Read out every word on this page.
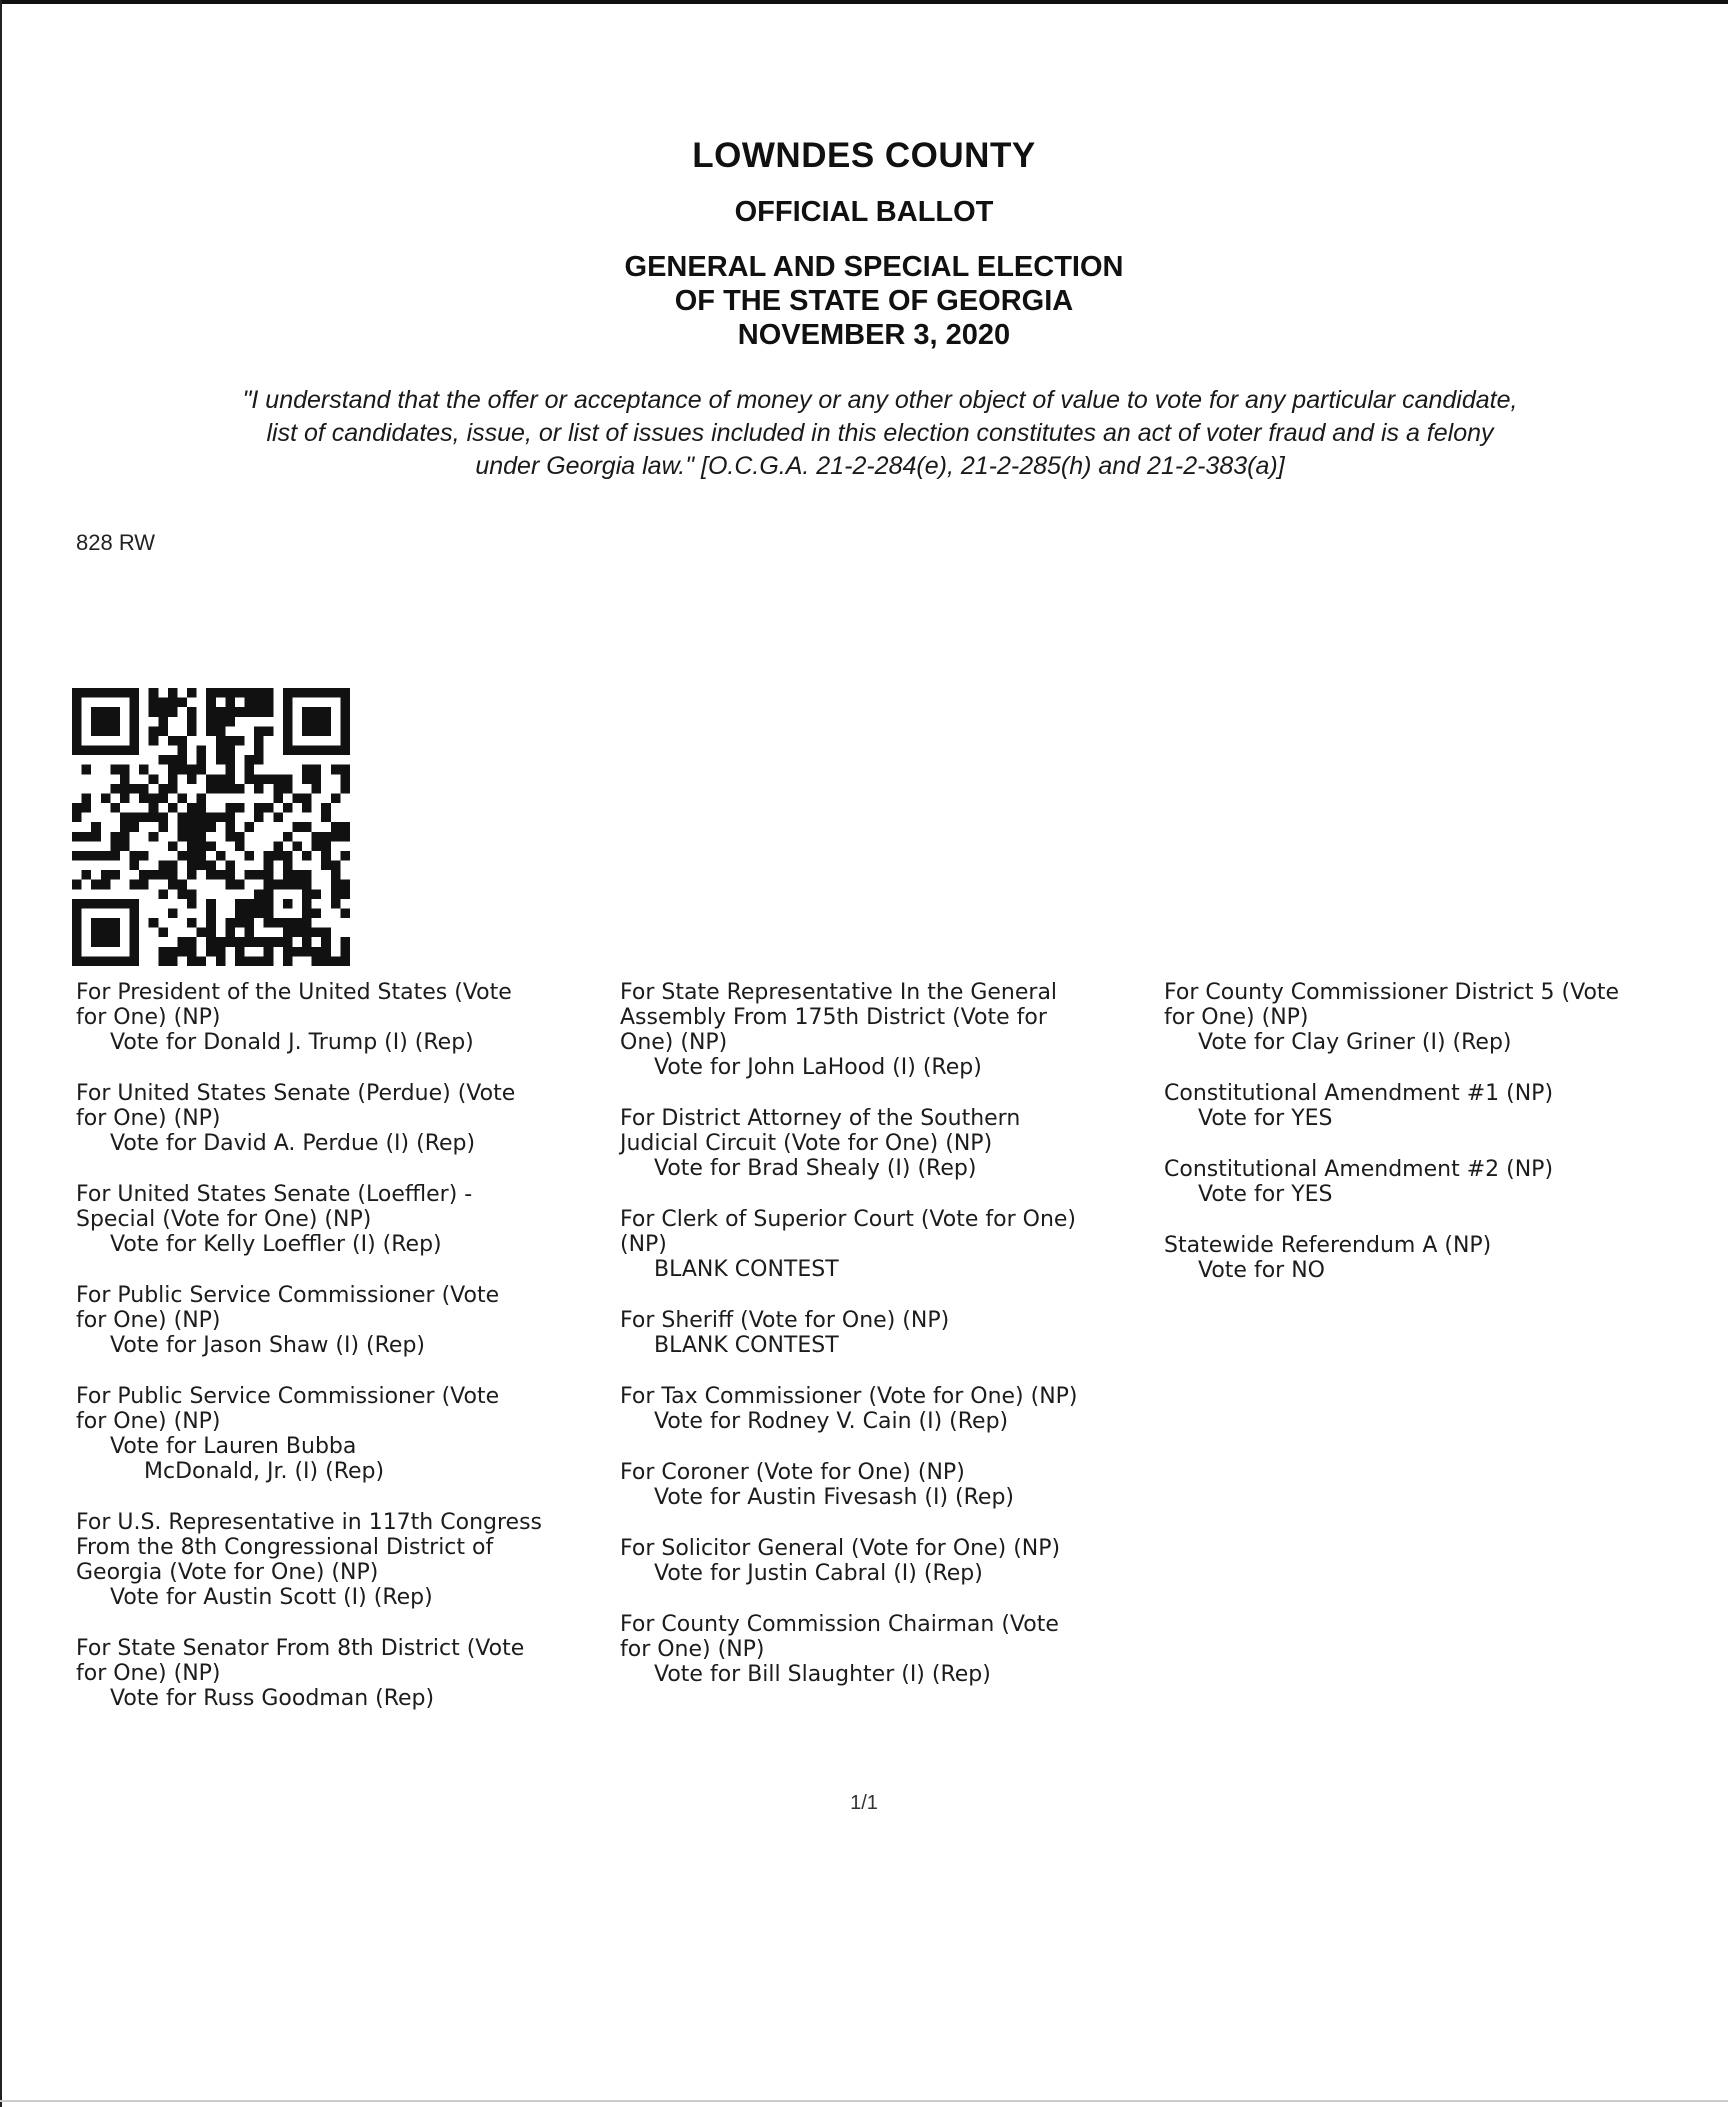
LOWNDES COUNTY
OFFICIAL BALLOT
GENERAL AND SPECIAL ELECTION
OF THE STATE OF GEORGIA
NOVEMBER 3, 2020
"I understand that the offer or acceptance of money or any other object of value to vote for any particular candidate,
list of candidates, issue, or list of issues included in this election constitutes an act of voter fraud and is a felony
under Georgia law." [O.C.G.A. 21-2-284(e), 21-2-285(h) and 21-2-383(a)]
828 RW
For President of the United States (Vote
for One) (NP)
Vote for Donald J. Trump (I) (Rep)
For United States Senate (Perdue) (Vote
for One) (NP)
Vote for David A. Perdue (I) (Rep)
For United States Senate (Loeffler) -
Special (Vote for One) (NP)
Vote for Kelly Loeffler (I) (Rep)
For Public Service Commissioner (Vote
for One) (NP)
Vote for Jason Shaw (I) (Rep)
For Public Service Commissioner (Vote
for One) (NP)
Vote for Lauren Bubba
McDonald, Jr. (I) (Rep)
For U.S. Representative in 117th Congress
From the 8th Congressional District of
Georgia (Vote for One) (NP)
Vote for Austin Scott (I) (Rep)
For State Senator From 8th District (Vote
for One) (NP)
Vote for Russ Goodman (Rep)
For State Representative In the General
Assembly From 175th District (Vote for
One) (NP)
Vote for John LaHood (I) (Rep)
For District Attorney of the Southern
Judicial Circuit (Vote for One) (NP)
Vote for Brad Shealy (I) (Rep)
For Clerk of Superior Court (Vote for One)
(NP)
BLANK CONTEST
For Sheriff (Vote for One) (NP)
BLANK CONTEST
For Tax Commissioner (Vote for One) (NP)
Vote for Rodney V. Cain (I) (Rep)
For Coroner (Vote for One) (NP)
Vote for Austin Fivesash (I) (Rep)
For Solicitor General (Vote for One) (NP)
Vote for Justin Cabral (I) (Rep)
For County Commission Chairman (Vote
for One) (NP)
Vote for Bill Slaughter (I) (Rep)
For County Commissioner District 5 (Vote
for One) (NP)
Vote for Clay Griner (I) (Rep)
Constitutional Amendment #1 (NP)
Vote for YES
Constitutional Amendment #2 (NP)
Vote for YES
Statewide Referendum A (NP)
Vote for NO
1/1
